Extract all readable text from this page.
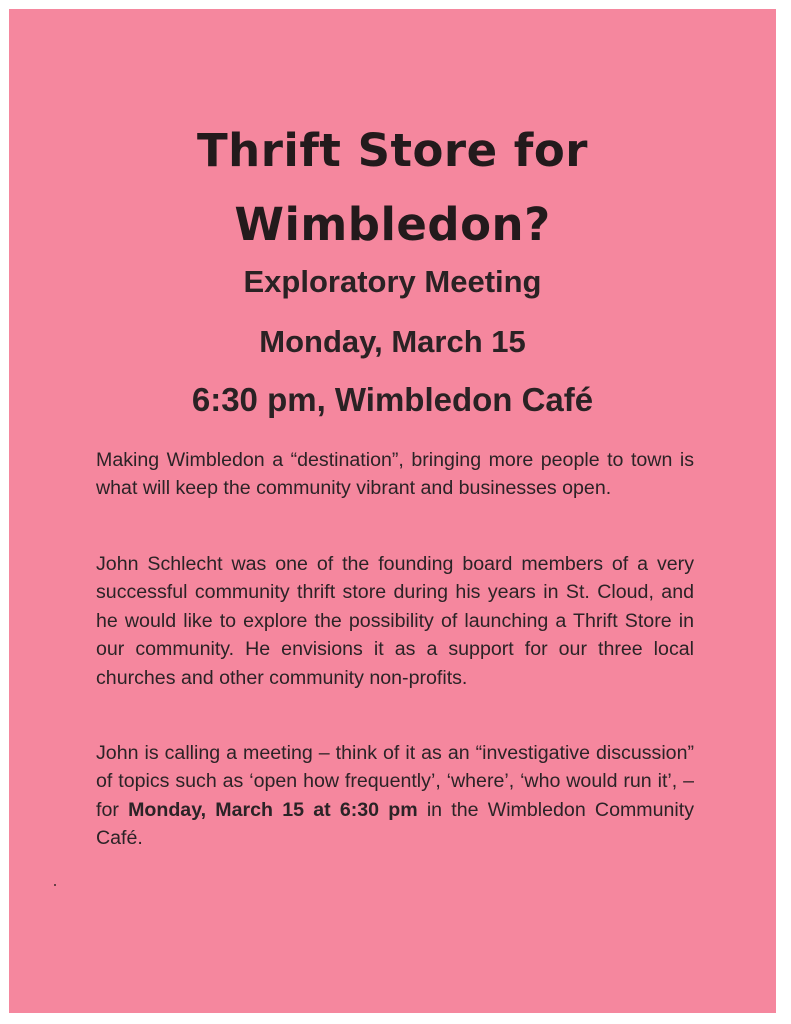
Thrift Store for
Wimbledon?
Exploratory Meeting
Monday, March 15
6:30 pm, Wimbledon Café

Making Wimbledon a “destination”, bringing more people to town is what will keep the community vibrant and businesses open.

John Schlecht was one of the founding board members of a very successful community thrift store during his years in St. Cloud, and he would like to explore the possibility of launching a Thrift Store in our community. He envisions it as a support for our three local churches and other community non-profits.

John is calling a meeting – think of it as an “investigative discussion” of topics such as ‘open how frequently’, ‘where’, ‘who would run it’, – for Monday, March 15 at 6:30 pm in the Wimbledon Community Café.
